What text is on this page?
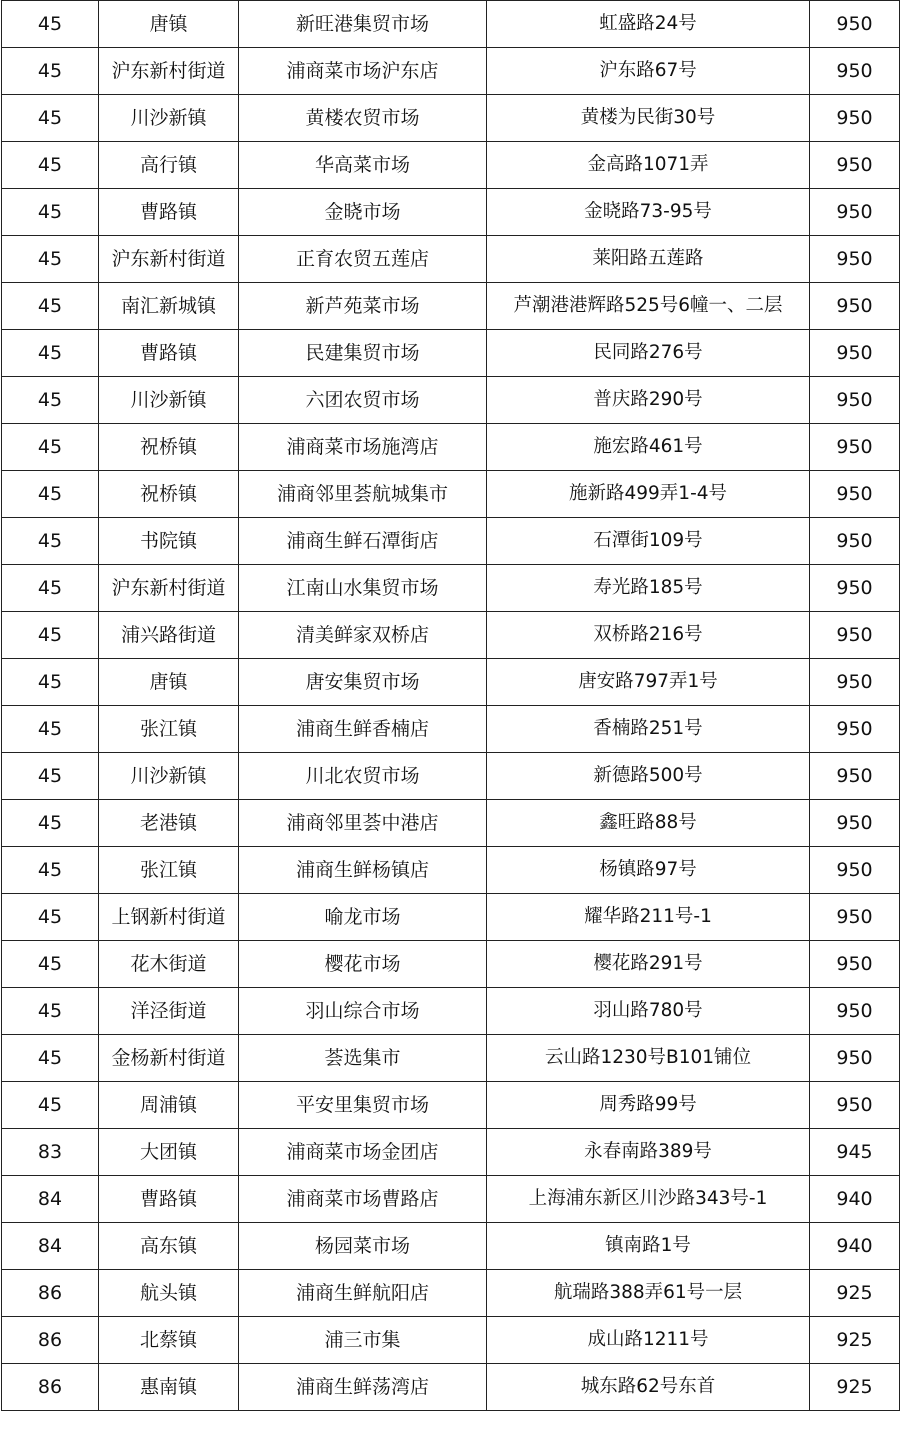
45	唐镇	新旺港集贸市场	虹盛路24号	950
45	沪东新村街道	浦商菜市场沪东店	沪东路67号	950
45	川沙新镇	黄楼农贸市场	黄楼为民街30号	950
45	高行镇	华高菜市场	金高路1071弄	950
45	曹路镇	金晓市场	金晓路73-95号	950
45	沪东新村街道	正育农贸五莲店	莱阳路五莲路	950
45	南汇新城镇	新芦苑菜市场	芦潮港港辉路525号6幢一、二层	950
45	曹路镇	民建集贸市场	民同路276号	950
45	川沙新镇	六团农贸市场	普庆路290号	950
45	祝桥镇	浦商菜市场施湾店	施宏路461号	950
45	祝桥镇	浦商邻里荟航城集市	施新路499弄1-4号	950
45	书院镇	浦商生鲜石潭街店	石潭街109号	950
45	沪东新村街道	江南山水集贸市场	寿光路185号	950
45	浦兴路街道	清美鲜家双桥店	双桥路216号	950
45	唐镇	唐安集贸市场	唐安路797弄1号	950
45	张江镇	浦商生鲜香楠店	香楠路251号	950
45	川沙新镇	川北农贸市场	新德路500号	950
45	老港镇	浦商邻里荟中港店	鑫旺路88号	950
45	张江镇	浦商生鲜杨镇店	杨镇路97号	950
45	上钢新村街道	喻龙市场	耀华路211号-1	950
45	花木街道	樱花市场	樱花路291号	950
45	洋泾街道	羽山综合市场	羽山路780号	950
45	金杨新村街道	荟选集市	云山路1230号B101铺位	950
45	周浦镇	平安里集贸市场	周秀路99号	950
83	大团镇	浦商菜市场金团店	永春南路389号	945
84	曹路镇	浦商菜市场曹路店	上海浦东新区川沙路343号-1	940
84	高东镇	杨园菜市场	镇南路1号	940
86	航头镇	浦商生鲜航阳店	航瑞路388弄61号一层	925
86	北蔡镇	浦三市集	成山路1211号	925
86	惠南镇	浦商生鲜荡湾店	城东路62号东首	925
